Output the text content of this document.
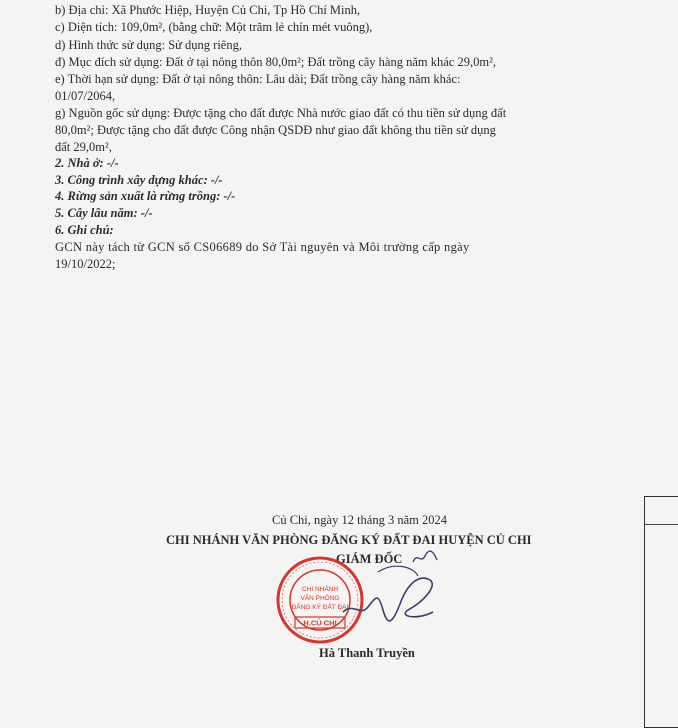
b) Địa chỉ: Xã Phước Hiệp, Huyện Củ Chi, Tp Hồ Chí Minh,
c) Diện tích: 109,0m², (bằng chữ: Một trăm lẻ chín mét vuông),
d) Hình thức sử dụng: Sử dụng riêng,
đ) Mục đích sử dụng: Đất ở tại nông thôn 80,0m²; Đất trồng cây hàng năm khác 29,0m²,
e) Thời hạn sử dụng: Đất ở tại nông thôn: Lâu dài; Đất trồng cây hàng năm khác:
01/07/2064,
g) Nguồn gốc sử dụng: Được tặng cho đất được Nhà nước giao đất có thu tiền sử dụng đất
80,0m²; Được tặng cho đất được Công nhận QSDĐ như giao đất không thu tiền sử dụng
đất 29,0m²,
2. Nhà ở: -/-
3. Công trình xây dựng khác: -/-
4. Rừng sản xuất là rừng trồng: -/-
5. Cây lâu năm: -/-
6. Ghi chú:
GCN này tách từ GCN số CS06689 do Sở Tài nguyên và Môi trường cấp ngày
19/10/2022;
Củ Chi, ngày 12 tháng 3 năm 2024
CHI NHÁNH VĂN PHÒNG ĐĂNG KÝ ĐẤT ĐAI HUYỆN CỦ CHI
GIÁM ĐỐC
CHI NHÁNH
VĂN PHÒNG
ĐĂNG KÝ ĐẤT ĐAI
H.CỦ CHI
Hà Thanh Truyền
